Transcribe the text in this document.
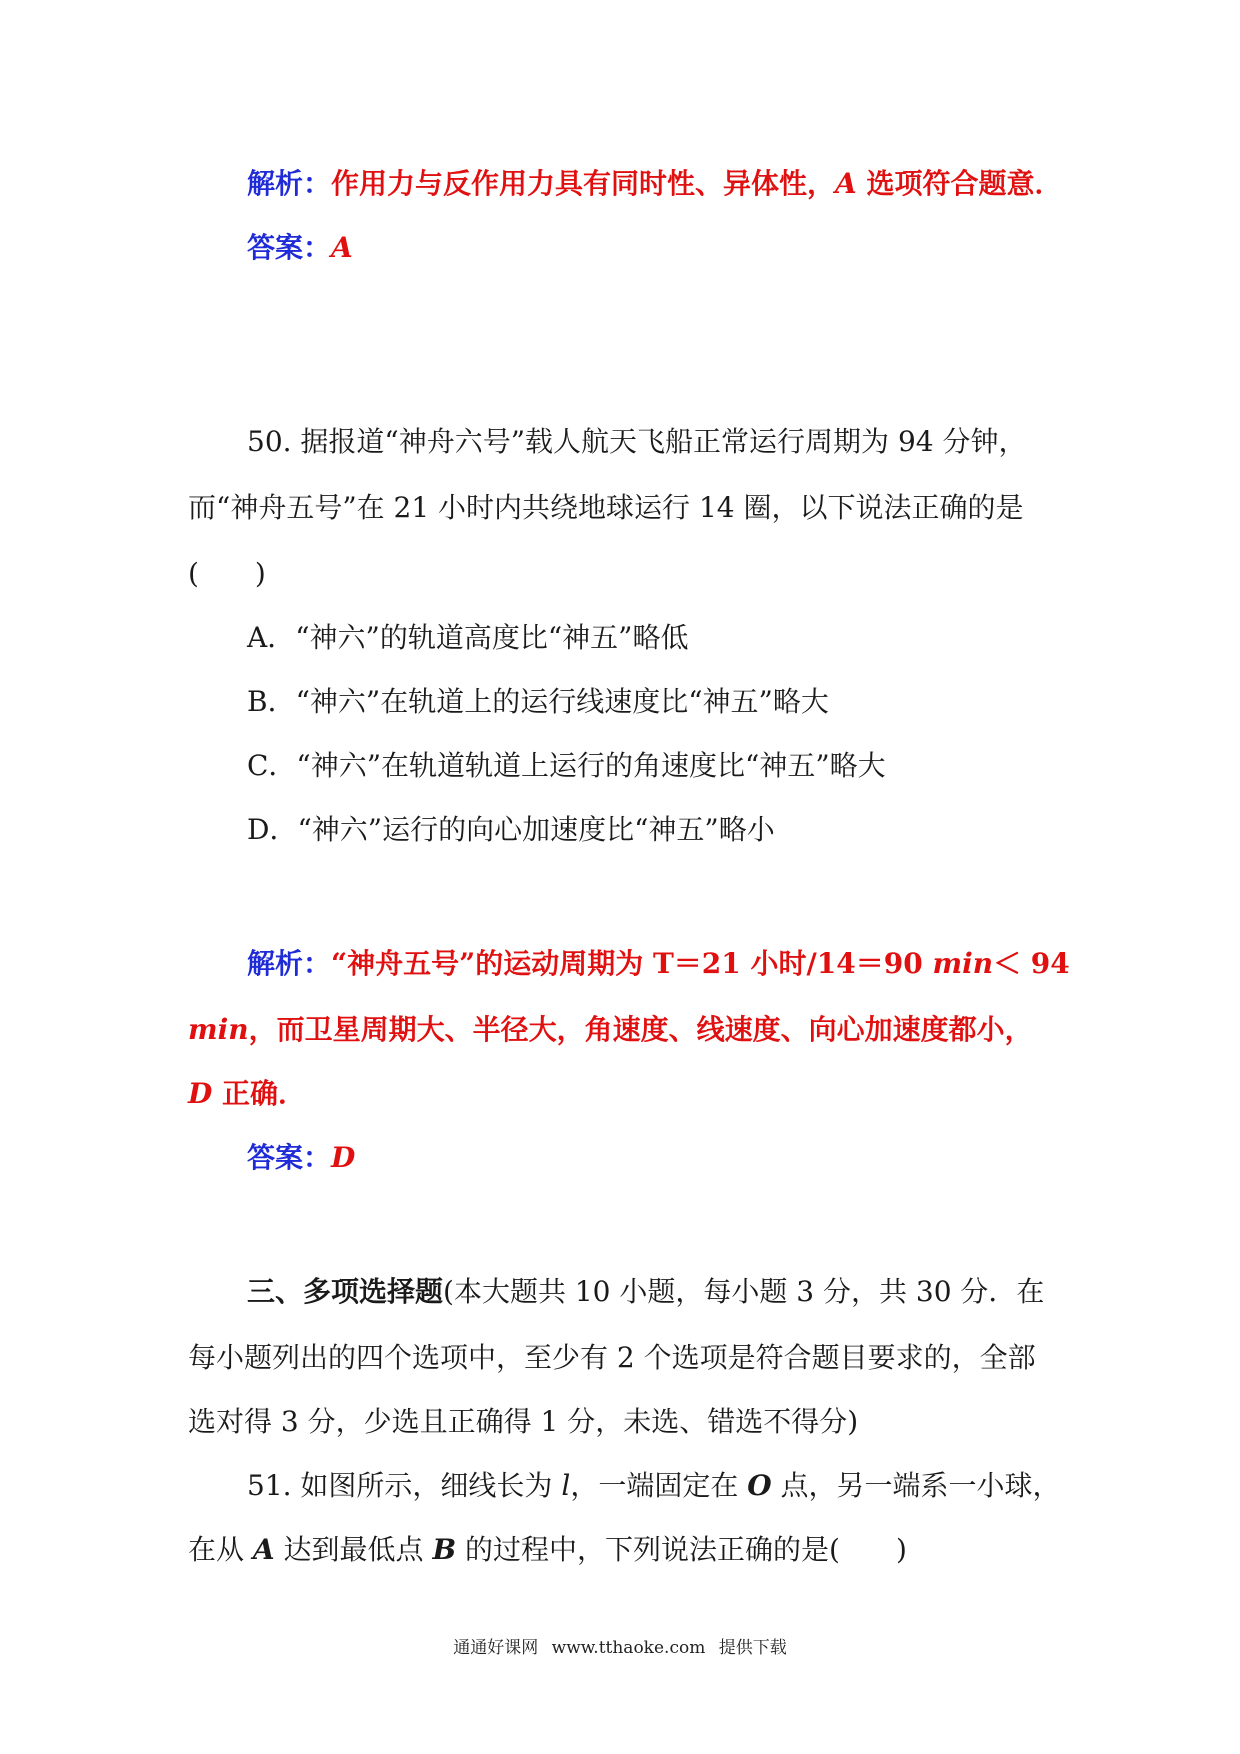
解析：作用力与反作用力具有同时性、异体性，A 选项符合题意．
答案：A
50. 据报道“神舟六号”载人航天飞船正常运行周期为 94 分钟，
而“神舟五号”在 21 小时内共绕地球运行 14 圈，以下说法正确的是
(　　)
A．“神六”的轨道高度比“神五”略低
B．“神六”在轨道上的运行线速度比“神五”略大
C．“神六”在轨道轨道上运行的角速度比“神五”略大
D．“神六”运行的向心加速度比“神五”略小
解析：“神舟五号”的运动周期为 T＝21 小时/14＝90 min＜ 94
min，而卫星周期大、半径大，角速度、线速度、向心加速度都小，
D 正确．
答案：D
三、多项选择题(本大题共 10 小题，每小题 3 分，共 30 分．在
每小题列出的四个选项中，至少有 2 个选项是符合题目要求的，全部
选对得 3 分，少选且正确得 1 分，未选、错选不得分)
51. 如图所示，细线长为 l，一端固定在 O 点，另一端系一小球，
在从 A 达到最低点 B 的过程中，下列说法正确的是(　　)
通通好课网 www.tthaoke.com 提供下载
